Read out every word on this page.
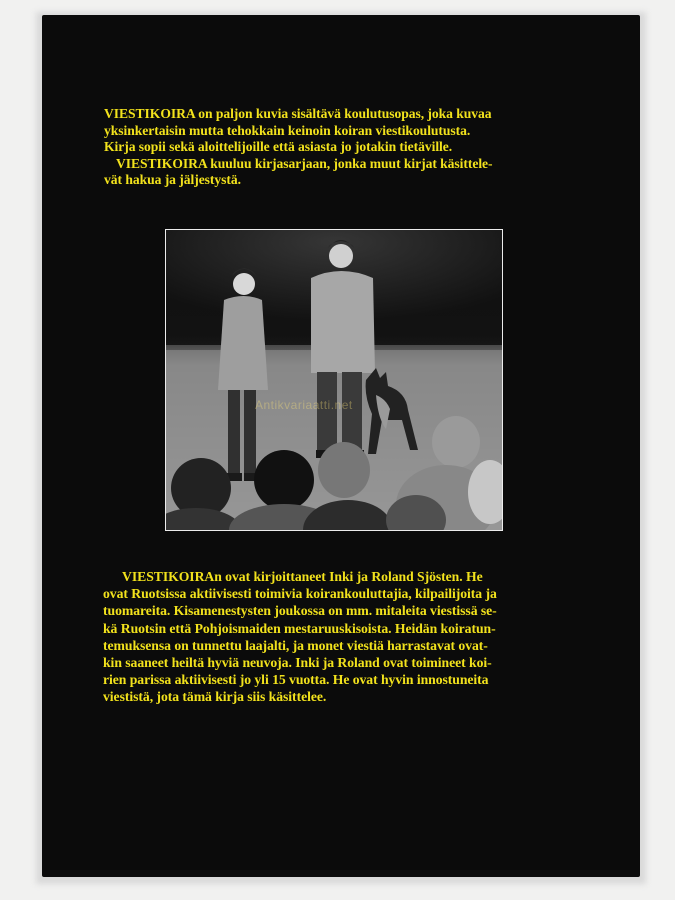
VIESTIKOIRA on paljon kuvia sisältävä koulutusopas, joka kuvaa

yksinkertaisin mutta tehokkain keinoin koiran viestikoulutusta.

Kirja sopii sekä aloittelijoille että asiasta jo jotakin tietäville.

VIESTIKOIRA kuuluu kirjasarjaan, jonka muut kirjat käsittele-

vät hakua ja jäljestystä.

Antikvariaatti.net

VIESTIKOIRAn ovat kirjoittaneet Inki ja Roland Sjösten. He

ovat Ruotsissa aktiivisesti toimivia koirankouluttajia, kilpailijoita ja

tuomareita. Kisamenestysten joukossa on mm. mitaleita viestissä se-

kä Ruotsin että Pohjoismaiden mestaruuskisoista. Heidän koiratun-

temuksensa on tunnettu laajalti, ja monet viestiä harrastavat ovat-

kin saaneet heiltä hyviä neuvoja. Inki ja Roland ovat toimineet koi-

rien parissa aktiivisesti jo yli 15 vuotta. He ovat hyvin innostuneita

viestistä, jota tämä kirja siis käsittelee.
